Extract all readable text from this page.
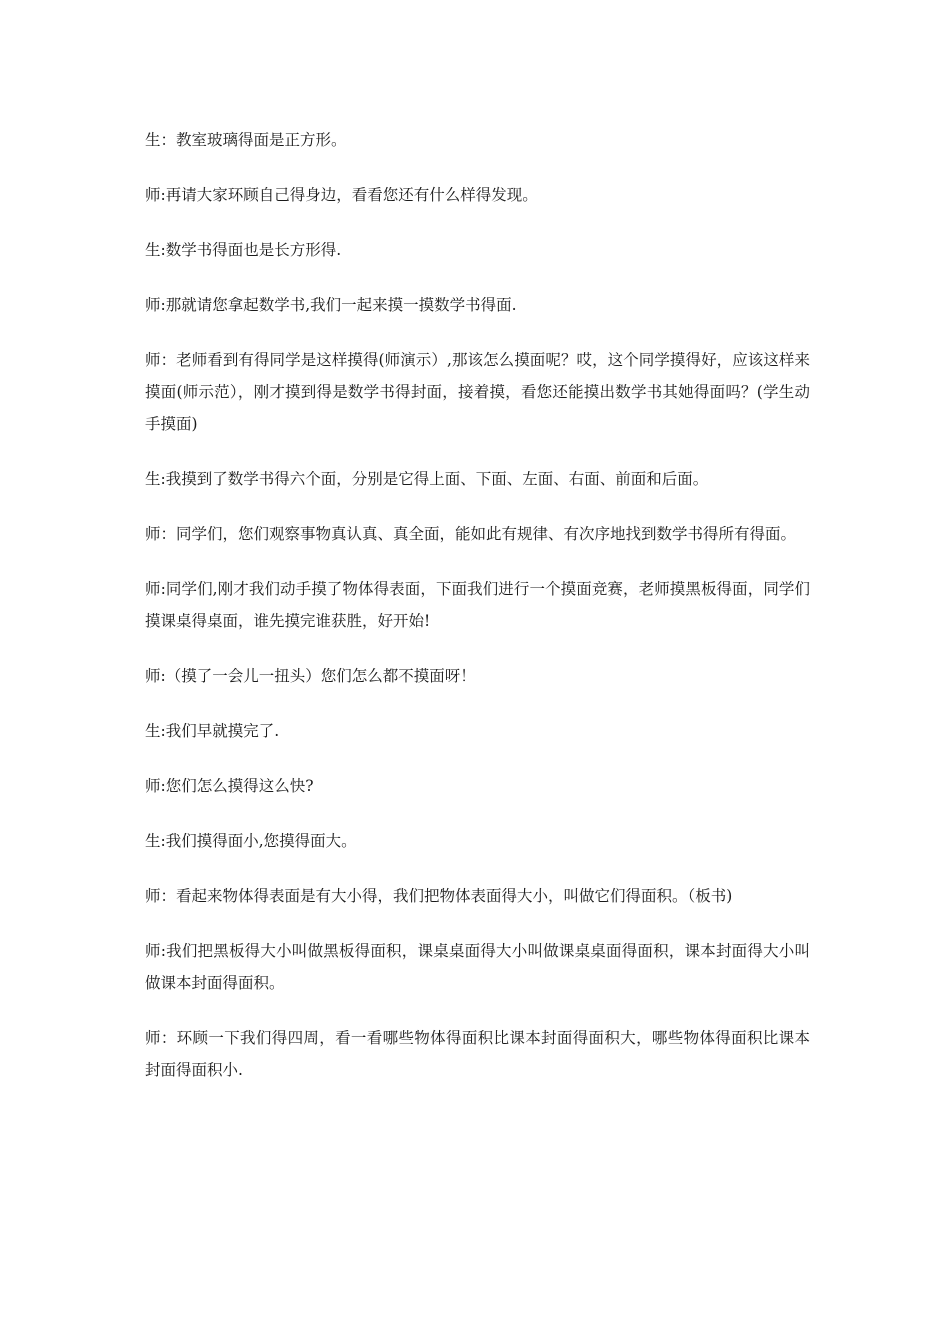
生：教室玻璃得面是正方形。

师:再请大家环顾自己得身边，看看您还有什么样得发现。

生:数学书得面也是长方形得.

师:那就请您拿起数学书,我们一起来摸一摸数学书得面.

师：老师看到有得同学是这样摸得(师演示）,那该怎么摸面呢？哎，这个同学摸得好，应该这样来摸面(师示范），刚才摸到得是数学书得封面，接着摸，看您还能摸出数学书其她得面吗？(学生动手摸面)

生:我摸到了数学书得六个面，分别是它得上面、下面、左面、右面、前面和后面。

师：同学们，您们观察事物真认真、真全面，能如此有规律、有次序地找到数学书得所有得面。

师:同学们,刚才我们动手摸了物体得表面，下面我们进行一个摸面竞赛，老师摸黑板得面，同学们摸课桌得桌面，谁先摸完谁获胜，好开始!

师:（摸了一会儿一扭头）您们怎么都不摸面呀！

生:我们早就摸完了.

师:您们怎么摸得这么快?

生:我们摸得面小,您摸得面大。

师：看起来物体得表面是有大小得，我们把物体表面得大小，叫做它们得面积。（板书)

师:我们把黑板得大小叫做黑板得面积，课桌桌面得大小叫做课桌桌面得面积，课本封面得大小叫做课本封面得面积。

师：环顾一下我们得四周，看一看哪些物体得面积比课本封面得面积大，哪些物体得面积比课本封面得面积小.
